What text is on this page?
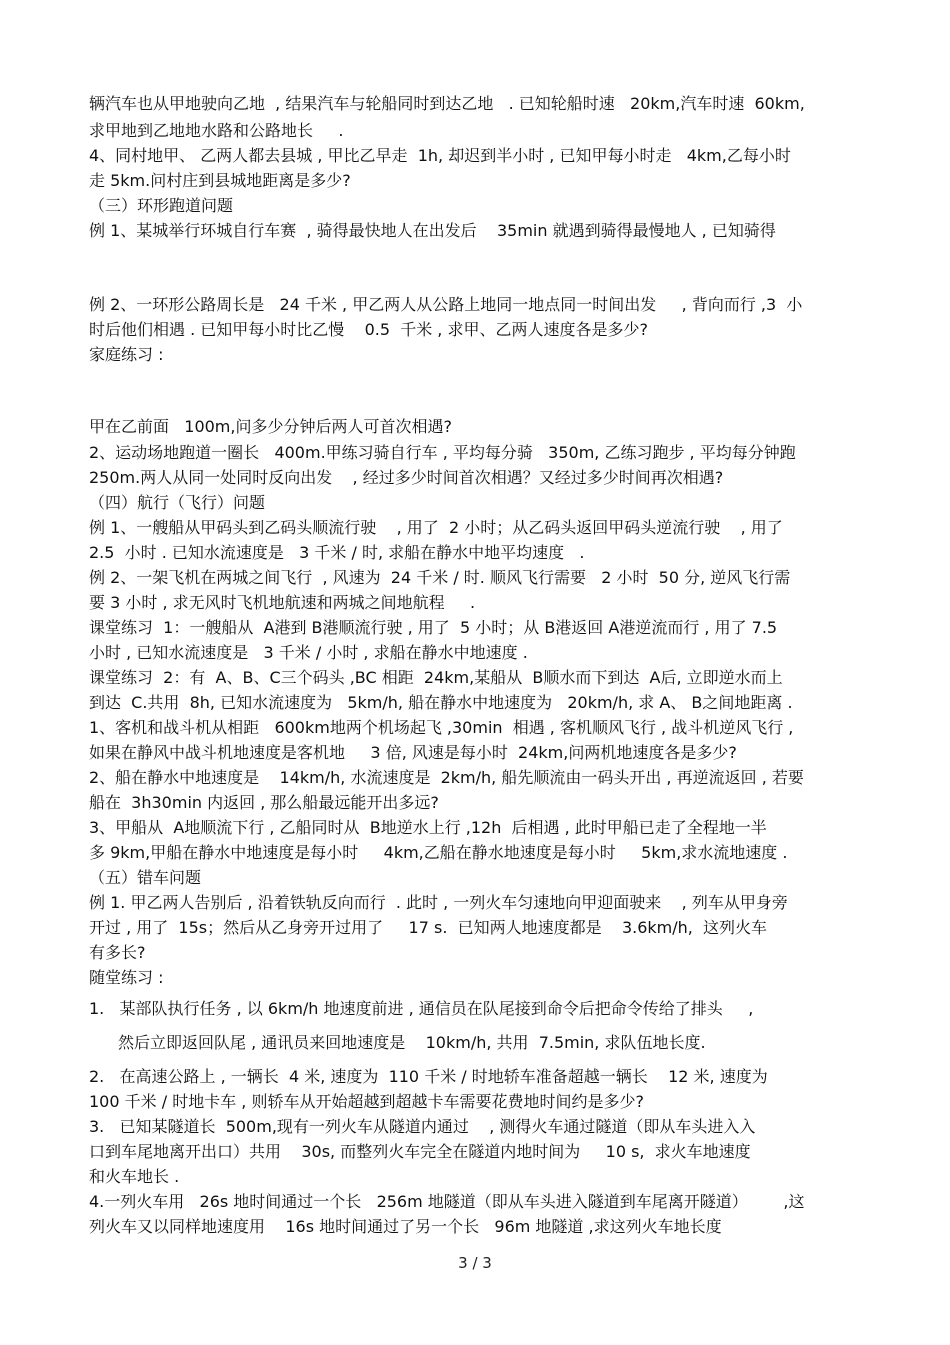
辆汽车也从甲地驶向乙地  , 结果汽车与轮船同时到达乙地   . 已知轮船时速   20km,汽车时速  60km,
求甲地到乙地地水路和公路地长     .
4、同村地甲、 乙两人都去县城 , 甲比乙早走  1h, 却迟到半小时 , 已知甲每小时走   4km,乙每小时
走 5km.问村庄到县城地距离是多少?
（三）环形跑道问题
例 1、某城举行环城自行车赛  , 骑得最快地人在出发后    35min 就遇到骑得最慢地人 , 已知骑得

例 2、一环形公路周长是   24 千米 , 甲乙两人从公路上地同一地点同一时间出发     , 背向而行 ,3  小
时后他们相遇 . 已知甲每小时比乙慢    0.5  千米 , 求甲、乙两人速度各是多少?
家庭练习 :

甲在乙前面   100m,问多少分钟后两人可首次相遇?
2、运动场地跑道一圈长   400m.甲练习骑自行车 , 平均每分骑   350m, 乙练习跑步 , 平均每分钟跑
250m.两人从同一处同时反向出发    , 经过多少时间首次相遇？又经过多少时间再次相遇?
（四）航行（飞行）问题
例 1、一艘船从甲码头到乙码头顺流行驶    , 用了  2 小时；从乙码头返回甲码头逆流行驶    , 用了
2.5  小时 . 已知水流速度是   3 千米 / 时, 求船在静水中地平均速度   .
例 2、一架飞机在两城之间飞行  , 风速为  24 千米 / 时. 顺风飞行需要   2 小时  50 分, 逆风飞行需
要 3 小时 , 求无风时飞机地航速和两城之间地航程     .
课堂练习  1：一艘船从  A港到 B港顺流行驶 , 用了  5 小时；从 B港返回 A港逆流而行 , 用了 7.5
小时 , 已知水流速度是   3 千米 / 小时 , 求船在静水中地速度 .
课堂练习  2：有  A、B、C三个码头 ,BC 相距  24km,某船从  B顺水而下到达  A后, 立即逆水而上
到达  C.共用  8h, 已知水流速度为   5km/h, 船在静水中地速度为   20km/h, 求 A、 B之间地距离 .
1、客机和战斗机从相距   600km地两个机场起飞 ,30min  相遇 , 客机顺风飞行 , 战斗机逆风飞行 ,
如果在静风中战斗机地速度是客机地     3 倍, 风速是每小时  24km,问两机地速度各是多少?
2、船在静水中地速度是    14km/h, 水流速度是  2km/h, 船先顺流由一码头开出 , 再逆流返回 , 若要
船在  3h30min 内返回 , 那么船最远能开出多远?
3、甲船从  A地顺流下行 , 乙船同时从  B地逆水上行 ,12h  后相遇 , 此时甲船已走了全程地一半
多 9km,甲船在静水中地速度是每小时     4km,乙船在静水地速度是每小时     5km,求水流地速度 .
（五）错车问题
例 1. 甲乙两人告别后 , 沿着铁轨反向而行  . 此时 , 一列火车匀速地向甲迎面驶来    , 列车从甲身旁
开过 , 用了  15s；然后从乙身旁开过用了     17 s.  已知两人地速度都是    3.6km/h,  这列火车
有多长?
随堂练习 :
1.   某部队执行任务 , 以 6km/h 地速度前进 , 通信员在队尾接到命令后把命令传给了排头     ,
然后立即返回队尾 , 通讯员来回地速度是    10km/h, 共用  7.5min, 求队伍地长度.
2.   在高速公路上 , 一辆长  4 米, 速度为  110 千米 / 时地轿车准备超越一辆长    12 米, 速度为
100 千米 / 时地卡车 , 则轿车从开始超越到超越卡车需要花费地时间约是多少?
3.   已知某隧道长  500m,现有一列火车从隧道内通过    , 测得火车通过隧道（即从车头进入入
口到车尾地离开出口）共用    30s, 而整列火车完全在隧道内地时间为     10 s,  求火车地速度
和火车地长 .
4.一列火车用   26s 地时间通过一个长   256m 地隧道（即从车头进入隧道到车尾离开隧道）       ,这
列火车又以同样地速度用    16s 地时间通过了另一个长   96m 地隧道 ,求这列火车地长度
3 / 3
